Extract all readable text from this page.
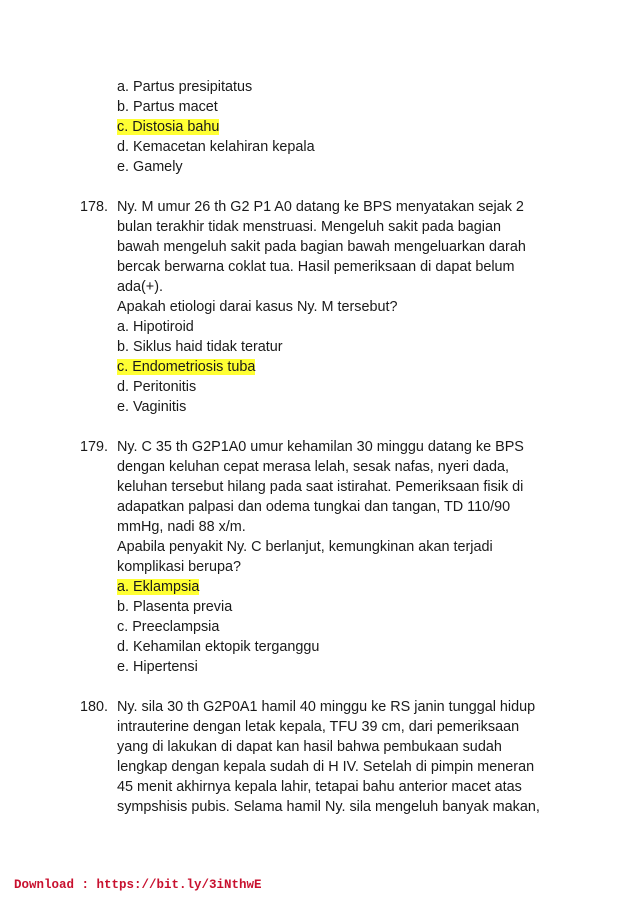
a. Partus presipitatus
b. Partus macet
c. Distosia bahu
d. Kemacetan kelahiran kepala
e. Gamely
178. Ny. M umur 26 th G2 P1 A0 datang ke BPS menyatakan sejak 2
bulan terakhir tidak menstruasi. Mengeluh sakit pada bagian
bawah mengeluh sakit pada bagian bawah mengeluarkan darah
bercak berwarna coklat tua. Hasil pemeriksaan di dapat belum
ada(+).
Apakah etiologi darai kasus Ny. M tersebut?
a. Hipotiroid
b. Siklus haid tidak teratur
c. Endometriosis tuba
d. Peritonitis
e. Vaginitis
179. Ny. C 35 th G2P1A0 umur kehamilan 30 minggu datang ke BPS
dengan keluhan cepat merasa lelah, sesak nafas, nyeri dada,
keluhan tersebut hilang pada saat istirahat. Pemeriksaan fisik di
adapatkan palpasi dan odema tungkai dan tangan, TD 110/90
mmHg, nadi 88 x/m.
Apabila penyakit Ny. C berlanjut, kemungkinan akan terjadi
komplikasi berupa?
a. Eklampsia
b. Plasenta previa
c. Preeclampsia
d. Kehamilan ektopik terganggu
e. Hipertensi
180. Ny. sila 30 th G2P0A1 hamil 40 minggu ke RS janin tunggal hidup
intrauterine dengan letak kepala, TFU 39 cm, dari pemeriksaan
yang di lakukan di dapat kan hasil bahwa pembukaan sudah
lengkap dengan kepala sudah di H IV. Setelah di pimpin meneran
45 menit akhirnya kepala lahir, tetapai bahu anterior macet atas
sympshisis pubis. Selama hamil Ny. sila mengeluh banyak makan,
Download : https://bit.ly/3iNthwE
